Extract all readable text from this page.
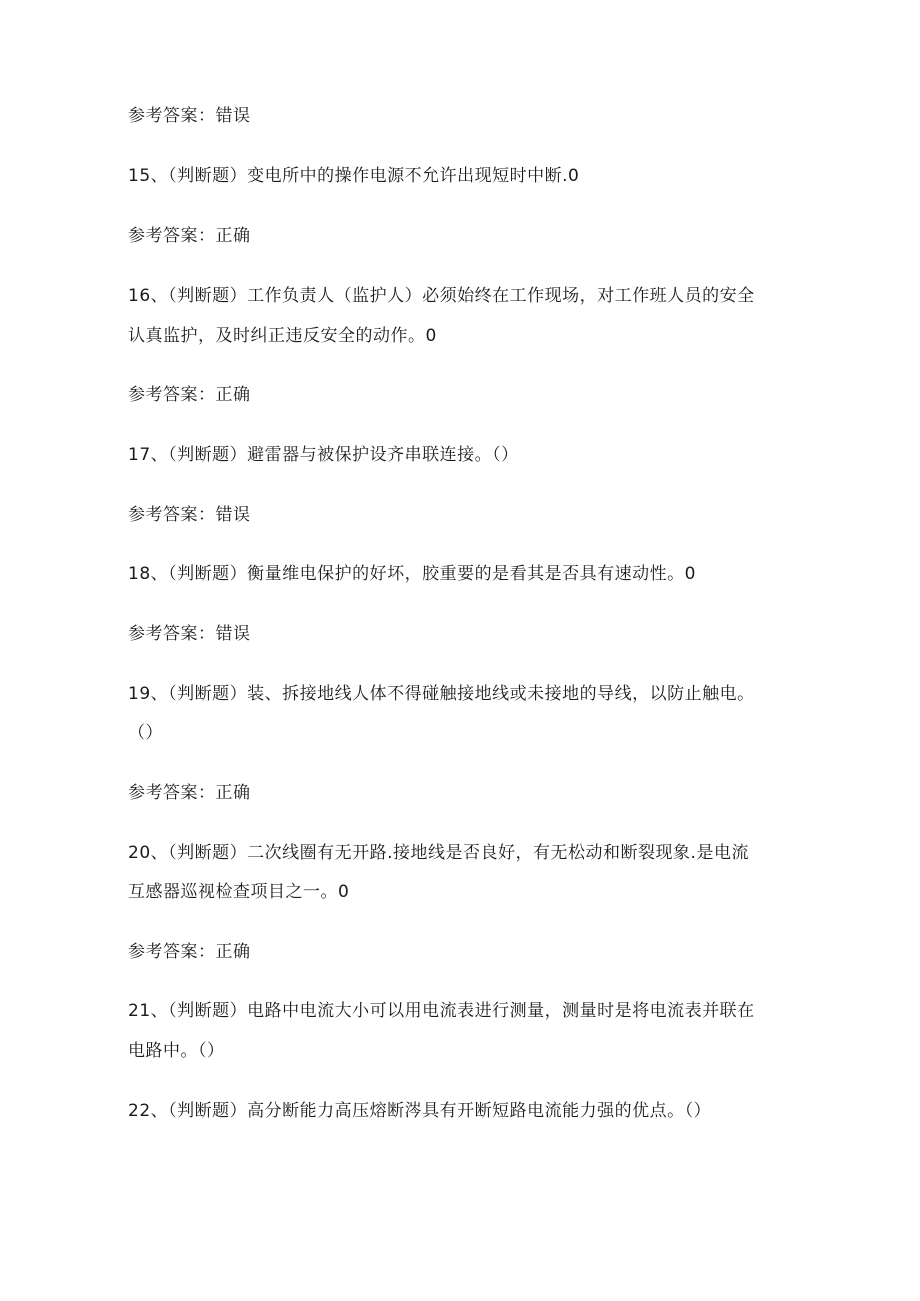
参考答案：错误
15、（判断题）变电所中的操作电源不允许出现短时中断.0
参考答案：正确
16、（判断题）工作负责人（监护人）必须始终在工作现场，对工作班人员的安全
认真监护，及时纠正违反安全的动作。0
参考答案：正确
17、（判断题）避雷器与被保护设齐串联连接。（）
参考答案：错误
18、（判断题）衡量维电保护的好坏，胶重要的是看其是否具有速动性。0
参考答案：错误
19、（判断题）装、拆接地线人体不得碰触接地线或未接地的导线，以防止触电。
（）
参考答案：正确
20、（判断题）二次线圈有无开路.接地线是否良好，有无松动和断裂现象.是电流
互感器巡视检查项目之一。0
参考答案：正确
21、（判断题）电路中电流大小可以用电流表进行测量，测量时是将电流表并联在
电路中。（）
22、（判断题）高分断能力高压熔断涔具有开断短路电流能力强的优点。（）
